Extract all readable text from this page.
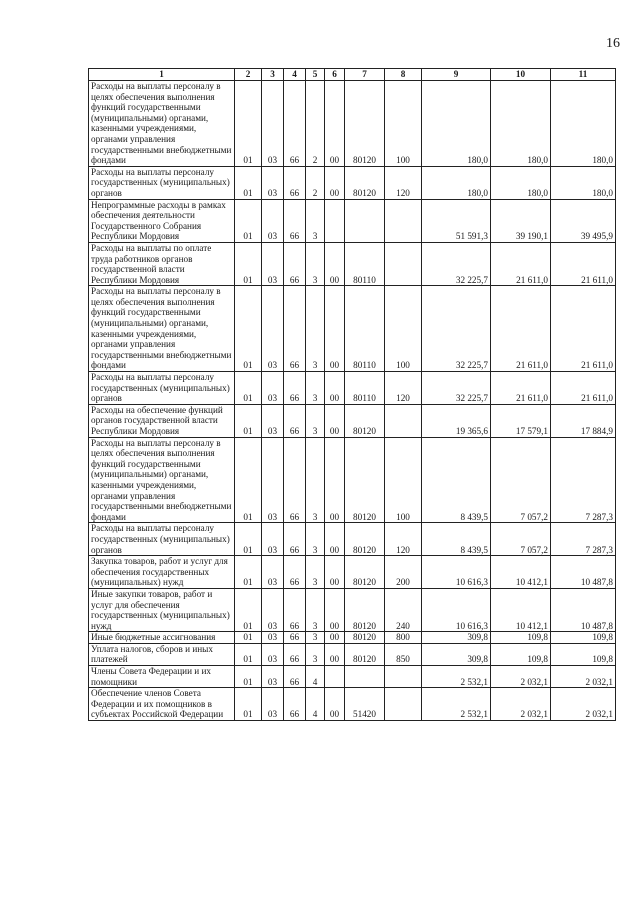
16
1	2	3	4	5	6	7	8	9	10	11
Расходы на выплаты персоналу в целях обеспечения выполнения функций государственными (муниципальными) органами, казенными учреждениями, органами управления государственными внебюджетными фондами	01	03	66	2	00	80120	100	180,0	180,0	180,0
Расходы на выплаты персоналу государственных (муниципальных) органов	01	03	66	2	00	80120	120	180,0	180,0	180,0
Непрограммные расходы в рамках обеспечения деятельности Государственного Собрания Республики Мордовия	01	03	66	3				51 591,3	39 190,1	39 495,9
Расходы на выплаты по оплате труда работников органов государственной власти Республики Мордовия	01	03	66	3	00	80110		32 225,7	21 611,0	21 611,0
Расходы на выплаты персоналу в целях обеспечения выполнения функций государственными (муниципальными) органами, казенными учреждениями, органами управления государственными внебюджетными фондами	01	03	66	3	00	80110	100	32 225,7	21 611,0	21 611,0
Расходы на выплаты персоналу государственных (муниципальных) органов	01	03	66	3	00	80110	120	32 225,7	21 611,0	21 611,0
Расходы на обеспечение функций органов государственной власти Республики Мордовия	01	03	66	3	00	80120		19 365,6	17 579,1	17 884,9
Расходы на выплаты персоналу в целях обеспечения выполнения функций государственными (муниципальными) органами, казенными учреждениями, органами управления государственными внебюджетными фондами	01	03	66	3	00	80120	100	8 439,5	7 057,2	7 287,3
Расходы на выплаты персоналу государственных (муниципальных) органов	01	03	66	3	00	80120	120	8 439,5	7 057,2	7 287,3
Закупка товаров, работ и услуг для обеспечения государственных (муниципальных) нужд	01	03	66	3	00	80120	200	10 616,3	10 412,1	10 487,8
Иные закупки товаров, работ и услуг для обеспечения государственных (муниципальных) нужд	01	03	66	3	00	80120	240	10 616,3	10 412,1	10 487,8
Иные бюджетные ассигнования	01	03	66	3	00	80120	800	309,8	109,8	109,8
Уплата налогов, сборов и иных платежей	01	03	66	3	00	80120	850	309,8	109,8	109,8
Члены Совета Федерации и их помощники	01	03	66	4				2 532,1	2 032,1	2 032,1
Обеспечение членов Совета Федерации и их помощников в субъектах Российской Федерации	01	03	66	4	00	51420		2 532,1	2 032,1	2 032,1
